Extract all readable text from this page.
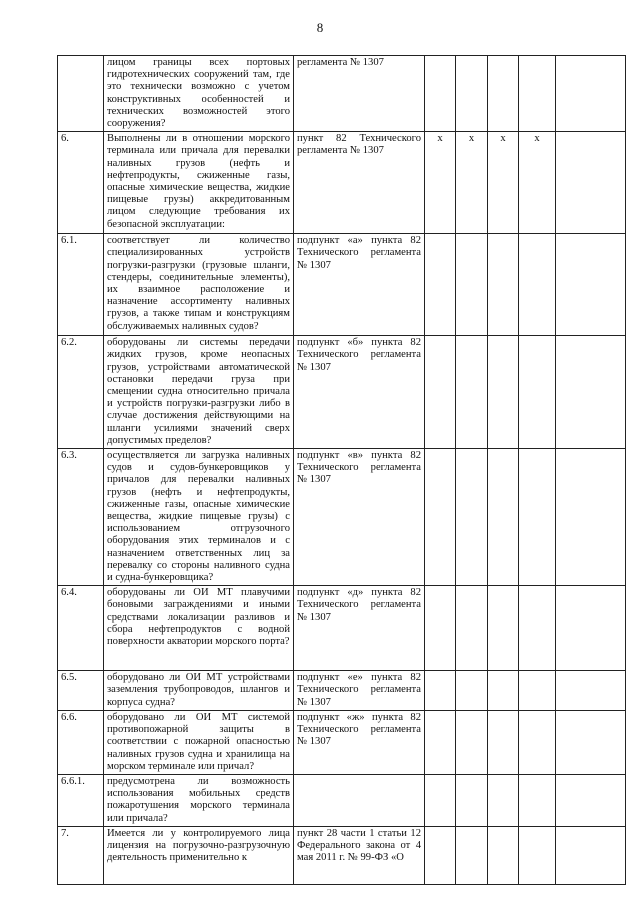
8
	лицом границы всех портовых гидротехнических сооружений там, где это технически возможно с учетом конструктивных особенностей и технических возможностей этого сооружения?	регламента № 1307					
6.	Выполнены ли в отношении морского терминала или причала для перевалки наливных грузов (нефть и нефтепродукты, сжиженные газы, опасные химические вещества, жидкие пищевые грузы) аккредитованным лицом следующие требования их безопасной эксплуатации:	пункт 82 Технического регламента № 1307	x	x	x	x	
6.1.	соответствует ли количество специализированных устройств погрузки-разгрузки (грузовые шланги, стендеры, соединительные элементы), их взаимное расположение и назначение ассортименту наливных грузов, а также типам и конструкциям обслуживаемых наливных судов?	подпункт «а» пункта 82 Технического регламента № 1307					
6.2.	оборудованы ли системы передачи жидких грузов, кроме неопасных грузов, устройствами автоматической остановки передачи груза при смещении судна относительно причала и устройств погрузки-разгрузки либо в случае достижения действующими на шланги усилиями значений сверх допустимых пределов?	подпункт «б» пункта 82 Технического регламента № 1307					
6.3.	осуществляется ли загрузка наливных судов и судов-бункеровщиков у причалов для перевалки наливных грузов (нефть и нефтепродукты, сжиженные газы, опасные химические вещества, жидкие пищевые грузы) с использованием отгрузочного оборудования этих терминалов и с назначением ответственных лиц за перевалку со стороны наливного судна и судна-бункеровщика?	подпункт «в» пункта 82 Технического регламента № 1307					
6.4.	оборудованы ли ОИ МТ плавучими боновыми заграждениями и иными средствами локализации разливов и сбора нефтепродуктов с водной поверхности акватории морского порта?	подпункт «д» пункта 82 Технического регламента № 1307					
6.5.	оборудовано ли ОИ МТ устройствами заземления трубопроводов, шлангов и корпуса судна?	подпункт «е» пункта 82 Технического регламента № 1307					
6.6.	оборудовано ли ОИ МТ системой противопожарной защиты в соответствии с пожарной опасностью наливных грузов судна и хранилища на морском терминале или причал?	подпункт «ж» пункта 82 Технического регламента № 1307					
6.6.1.	предусмотрена ли возможность использования мобильных средств пожаротушения морского терминала или причала?						
7.	Имеется ли у контролируемого лица лицензия на погрузочно-разгрузочную деятельность применительно к	пункт 28 части 1 статьи 12 Федерального закона от 4 мая 2011 г. № 99-ФЗ «О					
